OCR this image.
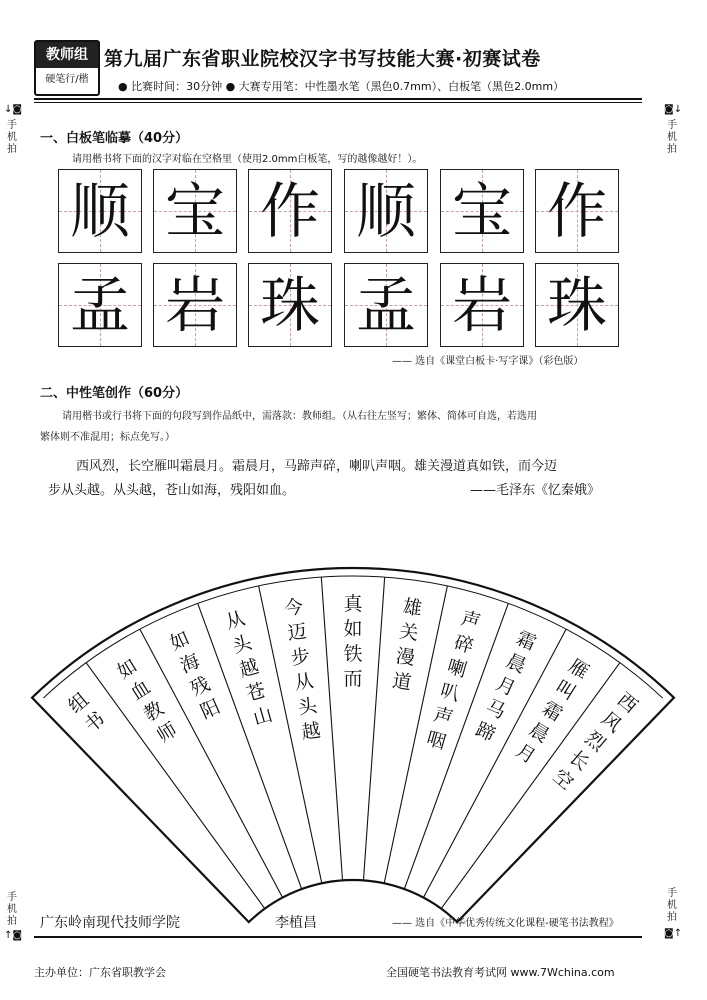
教师组
硬笔行/楷
第九届广东省职业院校汉字书写技能大赛·初赛试卷
● 比赛时间：30分钟 ● 大赛专用笔：中性墨水笔（黑色0.7mm）、白板笔（黑色2.0mm）
↓◙
手机拍
◙↓
手机拍
手机拍
↑◙
手机拍
◙↑
一、白板笔临摹（40分）
请用楷书将下面的汉字对临在空格里（使用2.0mm白板笔，写的越像越好！）。
顺 宝 作 顺 宝 作
孟 岩 珠 孟 岩 珠
—— 选自《课堂白板卡·写字课》（彩色版）
二、中性笔创作（60分）
请用楷书或行书将下面的句段写到作品纸中，需落款：教师组。（从右往左竖写；繁体、简体可自选，若选用
繁体则不准混用；标点免写。）
西风烈，长空雁叫霜晨月。霜晨月，马蹄声碎，喇叭声咽。雄关漫道真如铁，而今迈
步从头越。从头越，苍山如海，残阳如血。	——毛泽东《忆秦娥》
西风烈长空
雁叫霜晨月
霜晨月马蹄
声碎喇叭声咽
雄关漫道
真如铁而
今迈步从头越
从头越苍山
如海残阳
如血教师
组书
广东岭南现代技师学院	李植昌	—— 选自《中华优秀传统文化课程-硬笔书法教程》
主办单位：广东省职教学会	全国硬笔书法教育考试网 www.7Wchina.com
